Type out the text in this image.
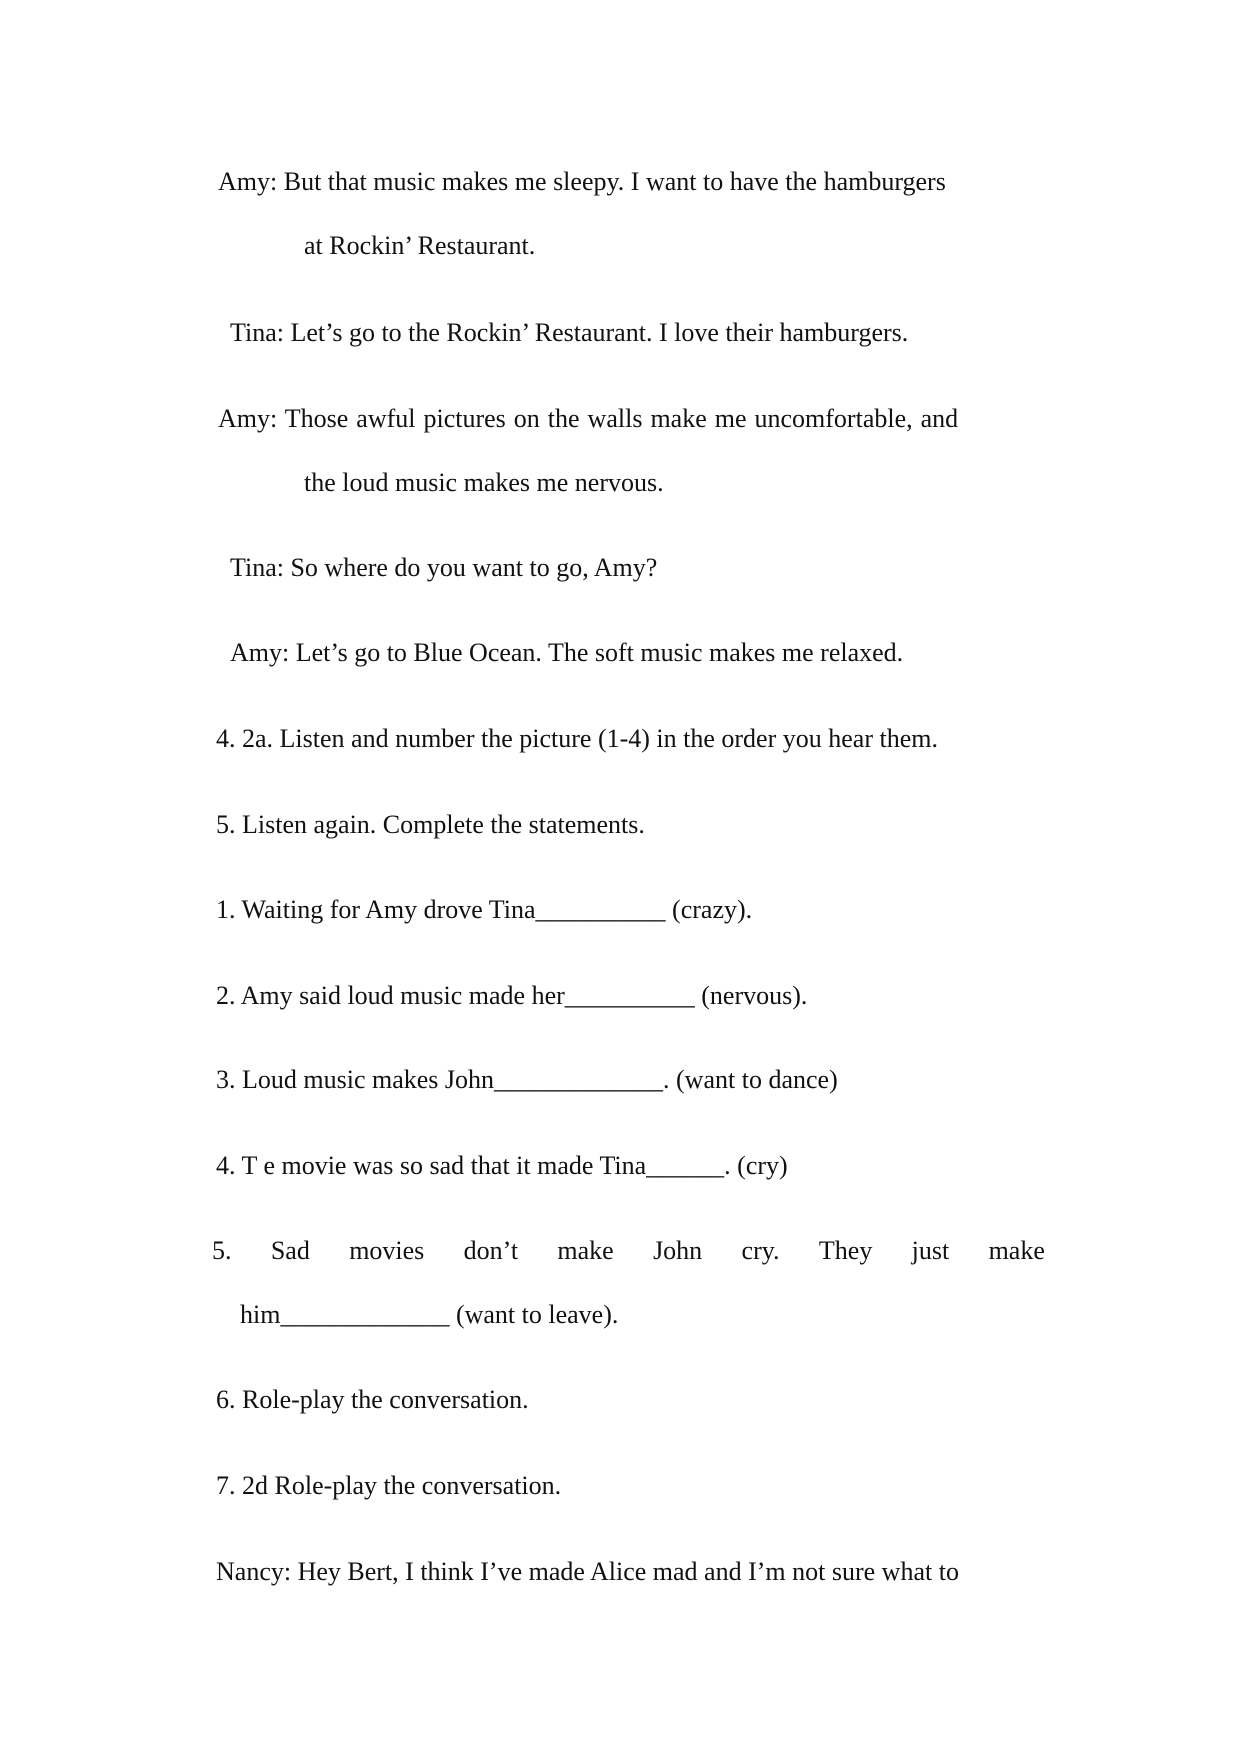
Amy: But that music makes me sleepy. I want to have the hamburgers
at Rockin’ Restaurant.
Tina: Let’s go to the Rockin’ Restaurant. I love their hamburgers.
Amy: Those awful pictures on the walls make me uncomfortable, and
the loud music makes me nervous.
Tina: So where do you want to go, Amy?
Amy: Let’s go to Blue Ocean. The soft music makes me relaxed.
4. 2a. Listen and number the picture (1-4) in the order you hear them.
5. Listen again. Complete the statements.
1. Waiting for Amy drove Tina__________ (crazy).
2. Amy said loud music made her__________ (nervous).
3. Loud music makes John_____________. (want to dance)
4. T e movie was so sad that it made Tina______. (cry)
5. Sad movies don’t make John cry. They just make
him_____________ (want to leave).
6. Role-play the conversation.
7. 2d Role-play the conversation.
Nancy: Hey Bert, I think I’ve made Alice mad and I’m not sure what to
